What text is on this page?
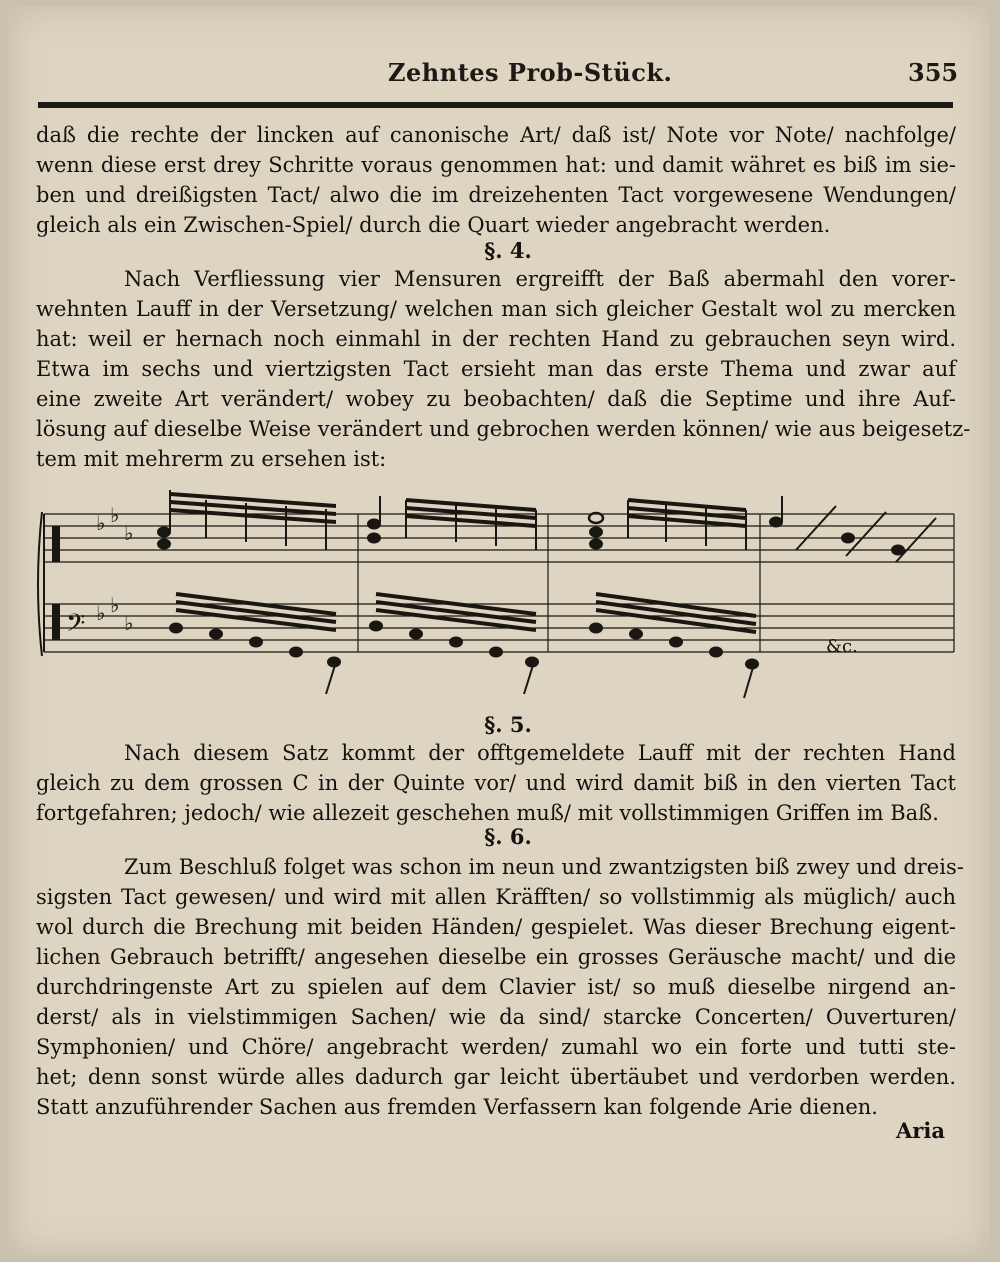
Zehntes Prob-Stück.	355
daß die rechte der lincken auf canonische Art/ daß ist/ Note vor Note/ nachfolge/
wenn diese erst drey Schritte voraus genommen hat: und damit währet es biß im sie-
ben und dreißigsten Tact/ alwo die im dreizehenten Tact vorgewesene Wendungen/
gleich als ein Zwischen-Spiel/ durch die Quart wieder angebracht werden.
§. 4.
Nach Verfliessung vier Mensuren ergreifft der Baß abermahl den vorer-
wehnten Lauff in der Versetzung/ welchen man sich gleicher Gestalt wol zu mercken
hat: weil er hernach noch einmahl in der rechten Hand zu gebrauchen seyn wird.
Etwa im sechs und viertzigsten Tact ersieht man das erste Thema und zwar auf
eine zweite Art verändert/ wobey zu beobachten/ daß die Septime und ihre Auf-
lösung auf dieselbe Weise verändert und gebrochen werden können/ wie aus beigesetz-
tem mit mehrerm zu ersehen ist:
𝄢
♭ ♭
♭
♭ ♭
♭
&c.
§. 5.
Nach diesem Satz kommt der offtgemeldete Lauff mit der rechten Hand
gleich zu dem grossen C in der Quinte vor/ und wird damit biß in den vierten Tact
fortgefahren; jedoch/ wie allezeit geschehen muß/ mit vollstimmigen Griffen im Baß.
§. 6.
Zum Beschluß folget was schon im neun und zwantzigsten biß zwey und dreis-
sigsten Tact gewesen/ und wird mit allen Kräfften/ so vollstimmig als müglich/ auch
wol durch die Brechung mit beiden Händen/ gespielet. Was dieser Brechung eigent-
lichen Gebrauch betrifft/ angesehen dieselbe ein grosses Geräusche macht/ und die
durchdringenste Art zu spielen auf dem Clavier ist/ so muß dieselbe nirgend an-
derst/ als in vielstimmigen Sachen/ wie da sind/ starcke Concerten/ Ouverturen/
Symphonien/ und Chöre/ angebracht werden/ zumahl wo ein forte und tutti ste-
het; denn sonst würde alles dadurch gar leicht übertäubet und verdorben werden.
Statt anzuführender Sachen aus fremden Verfassern kan folgende Arie dienen.
Aria
